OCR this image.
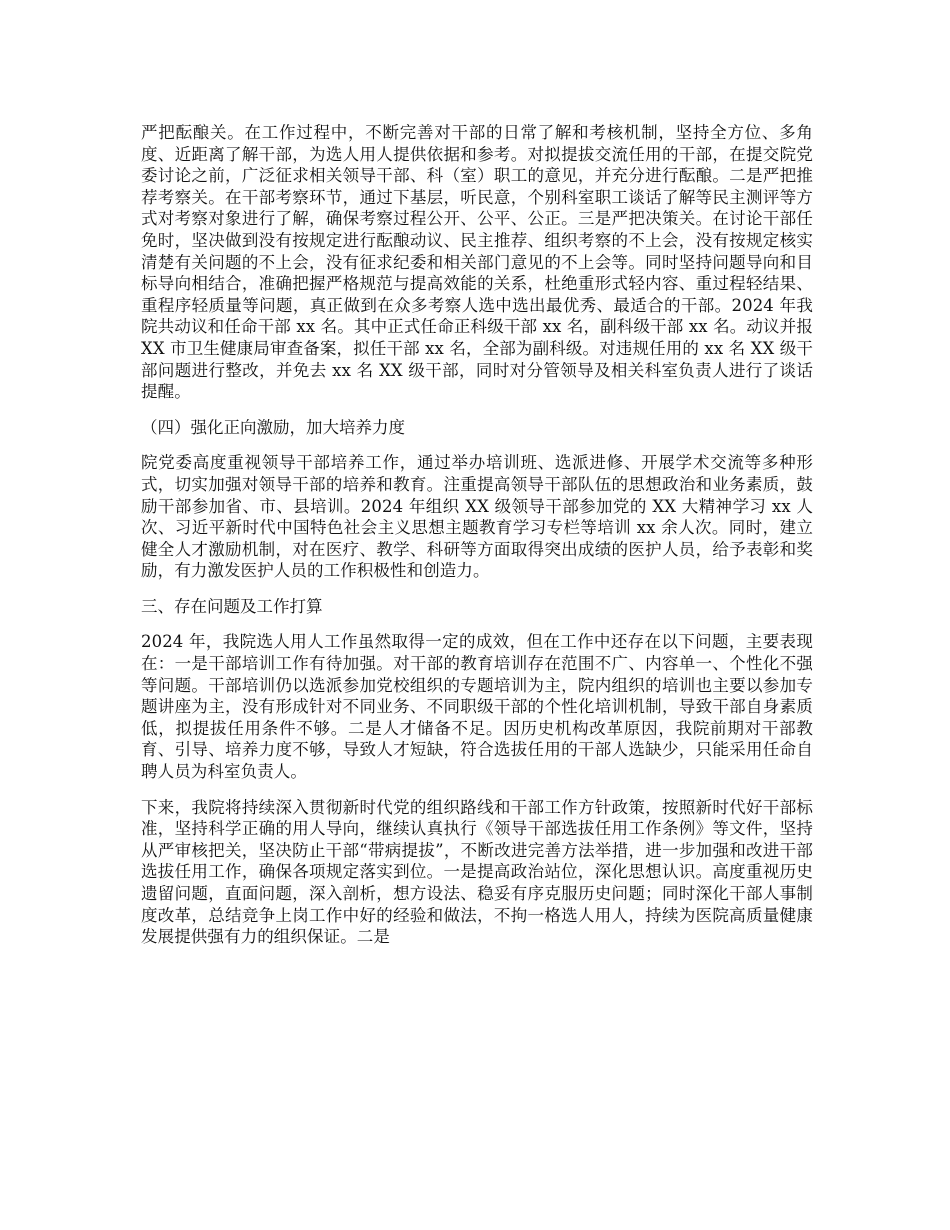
严把酝酿关。在工作过程中，不断完善对干部的日常了解和考核机制，坚持全方位、多角度、近距离了解干部，为选人用人提供依据和参考。对拟提拔交流任用的干部，在提交院党委讨论之前，广泛征求相关领导干部、科（室）职工的意见，并充分进行酝酿。二是严把推荐考察关。在干部考察环节，通过下基层，听民意，个别科室职工谈话了解等民主测评等方式对考察对象进行了解，确保考察过程公开、公平、公正。三是严把决策关。在讨论干部任免时，坚决做到没有按规定进行酝酿动议、民主推荐、组织考察的不上会，没有按规定核实清楚有关问题的不上会，没有征求纪委和相关部门意见的不上会等。同时坚持问题导向和目标导向相结合，准确把握严格规范与提高效能的关系，杜绝重形式轻内容、重过程轻结果、重程序轻质量等问题，真正做到在众多考察人选中选出最优秀、最适合的干部。2024 年我院共动议和任命干部 xx 名。其中正式任命正科级干部 xx 名，副科级干部 xx 名。动议并报 XX 市卫生健康局审查备案，拟任干部 xx 名，全部为副科级。对违规任用的 xx 名 XX 级干部问题进行整改，并免去 xx 名 XX 级干部，同时对分管领导及相关科室负责人进行了谈话提醒。

（四）强化正向激励，加大培养力度

院党委高度重视领导干部培养工作，通过举办培训班、选派进修、开展学术交流等多种形式，切实加强对领导干部的培养和教育。注重提高领导干部队伍的思想政治和业务素质，鼓励干部参加省、市、县培训。2024 年组织 XX 级领导干部参加党的 XX 大精神学习 xx 人次、习近平新时代中国特色社会主义思想主题教育学习专栏等培训 xx 余人次。同时，建立健全人才激励机制，对在医疗、教学、科研等方面取得突出成绩的医护人员，给予表彰和奖励，有力激发医护人员的工作积极性和创造力。

三、存在问题及工作打算

2024 年，我院选人用人工作虽然取得一定的成效，但在工作中还存在以下问题，主要表现在：一是干部培训工作有待加强。对干部的教育培训存在范围不广、内容单一、个性化不强等问题。干部培训仍以选派参加党校组织的专题培训为主，院内组织的培训也主要以参加专题讲座为主，没有形成针对不同业务、不同职级干部的个性化培训机制，导致干部自身素质低，拟提拔任用条件不够。二是人才储备不足。因历史机构改革原因，我院前期对干部教育、引导、培养力度不够，导致人才短缺，符合选拔任用的干部人选缺少，只能采用任命自聘人员为科室负责人。

下来，我院将持续深入贯彻新时代党的组织路线和干部工作方针政策，按照新时代好干部标准，坚持科学正确的用人导向，继续认真执行《领导干部选拔任用工作条例》等文件，坚持从严审核把关，坚决防止干部“带病提拔”，不断改进完善方法举措，进一步加强和改进干部选拔任用工作，确保各项规定落实到位。一是提高政治站位，深化思想认识。高度重视历史遗留问题，直面问题，深入剖析，想方设法、稳妥有序克服历史问题；同时深化干部人事制度改革，总结竞争上岗工作中好的经验和做法，不拘一格选人用人，持续为医院高质量健康发展提供强有力的组织保证。二是
